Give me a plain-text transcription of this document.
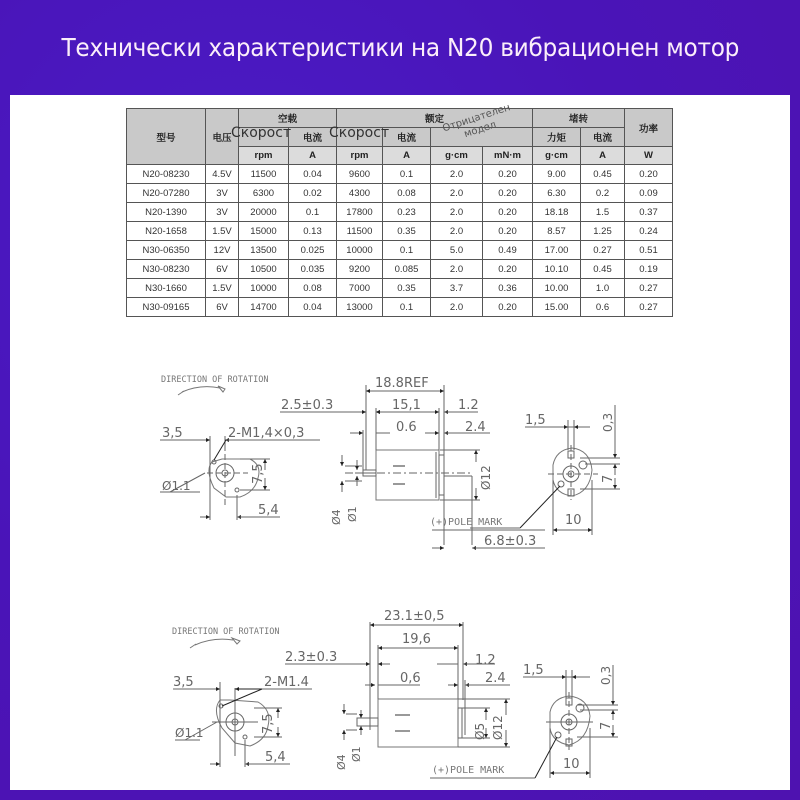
Технически характеристики на N20 вибрационен мотор
型号	电压	空载		额定				堵转		功率
			电流		电流			力矩	电流	
		rpm	A	rpm	A	g·cm	mN·m	g·cm	A	W
N20-08230	4.5V	11500	0.04	9600	0.1	2.0	0.20	9.00	0.45	0.20
N20-07280	3V	6300	0.02	4300	0.08	2.0	0.20	6.30	0.2	0.09
N20-1390	3V	20000	0.1	17800	0.23	2.0	0.20	18.18	1.5	0.37
N20-1658	1.5V	15000	0.13	11500	0.35	2.0	0.20	8.57	1.25	0.24
N30-06350	12V	13500	0.025	10000	0.1	5.0	0.49	17.00	0.27	0.51
N30-08230	6V	10500	0.035	9200	0.085	2.0	0.20	10.10	0.45	0.19
N30-1660	1.5V	10000	0.08	7000	0.35	3.7	0.36	10.00	1.0	0.27
N30-09165	6V	14700	0.04	13000	0.1	2.0	0.20	15.00	0.6	0.27
Скорост	Скорост	Отрицателен модел
DIRECTION OF ROTATION
3,5	2-M1,4×0,3
Ø1.1
7,5
5,4
18.8REF
2.5±0.3	15,1	1.2
0.6	2.4
Ø4 Ø1
Ø12
(+)POLE MARK
6.8±0.3
1,5	0,3
7
10
DIRECTION OF ROTATION
3,5	2-M1.4
Ø1.1	7,5
5,4
23.1±0,5
2.3±0.3
19,6
1.2
0,6	2.4
Ø4
Ø1
Ø5 Ø12
(+)POLE MARK
1,5	0,3
7
10
